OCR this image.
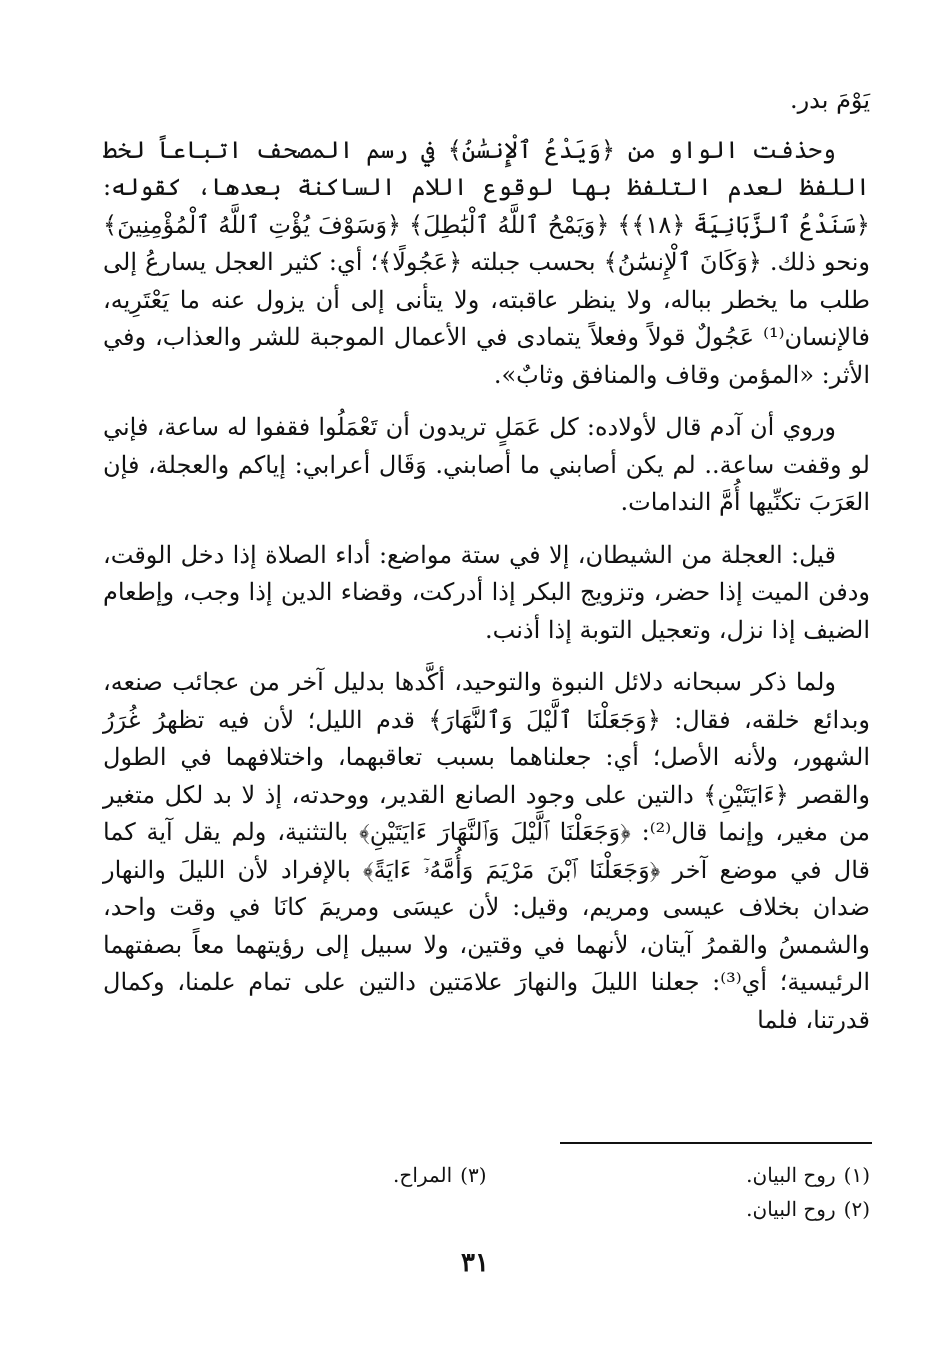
يَوْمَ بدر.

وحذفت الواو من ﴿وَيَدْعُ ٱلْإِنسَٰنُ﴾ في رسم المصحف اتباعاً لخط اللفظ لعدم التلفظ بها لوقوع اللام الساكنة بعدها، كقوله: ﴿سَنَدْعُ ٱلزَّبَانِيَةَ ﴿١٨﴾﴾ ﴿وَيَمْحُ ٱللَّهُ ٱلْبَٰطِلَ﴾ ﴿وَسَوْفَ يُؤْتِ ٱللَّهُ ٱلْمُؤْمِنِينَ﴾ ونحو ذلك. ﴿وَكَانَ ٱلْإِنسَٰنُ﴾ بحسب جبلته ﴿عَجُولًا﴾؛ أي: كثير العجل يسارعُ إلى طلب ما يخطر بباله، ولا ينظر عاقبته، ولا يتأنى إلى أن يزول عنه ما يَعْتَرِيه، فالإنسان⁽¹⁾ عَجُولٌ قولاً وفعلاً يتمادى في الأعمال الموجبة للشر والعذاب، وفي الأثر: «المؤمن وقاف والمنافق وثابٌ».

وروي أن آدم قال لأولاده: كل عَمَلٍ تريدون أن تَعْمَلُوا فقفوا له ساعة، فإني لو وقفت ساعة.. لم يكن أصابني ما أصابني. وَقَال أعرابي: إياكم والعجلة، فإن العَرَبَ تكنِّيها أُمَّ الندامات.

قيل: العجلة من الشيطان، إلا في ستة مواضع: أداء الصلاة إذا دخل الوقت، ودفن الميت إذا حضر، وتزويج البكر إذا أدركت، وقضاء الدين إذا وجب، وإطعام الضيف إذا نزل، وتعجيل التوبة إذا أذنب.

ولما ذكر سبحانه دلائل النبوة والتوحيد، أكَّدها بدليل آخر من عجائب صنعه، وبدائع خلقه، فقال: ﴿وَجَعَلْنَا ٱلَّيْلَ وَٱلنَّهَارَ﴾ قدم الليل؛ لأن فيه تظهرُ غُرَرُ الشهور، ولأنه الأصل؛ أي: جعلناهما بسبب تعاقبهما، واختلافهما في الطول والقصر ﴿ءَايَتَيْنِ﴾ دالتين على وجود الصانع القدير، ووحدته، إذ لا بد لكل متغير من مغير، وإنما قال⁽²⁾: ﴿وَجَعَلْنَا ٱلَّيْلَ وَٱلنَّهَارَ ءَايَتَيْنِ﴾ بالتثنية، ولم يقل آية كما قال في موضع آخر ﴿وَجَعَلْنَا ٱبْنَ مَرْيَمَ وَأُمَّهُۥٓ ءَايَةً﴾ بالإفراد لأن الليلَ والنهار ضدان بخلاف عيسى ومريم، وقيل: لأن عيسَى ومريمَ كانَا في وقت واحد، والشمسُ والقمرُ آيتان، لأنهما في وقتين، ولا سبيل إلى رؤيتهما معاً بصفتهما الرئيسية؛ أي⁽³⁾: جعلنا الليلَ والنهارَ علامَتين دالتين على تمام علمنا، وكمال قدرتنا، فلما

(١)روح البيان.
(٣)المراح.
(٢)روح البيان.
٣١
